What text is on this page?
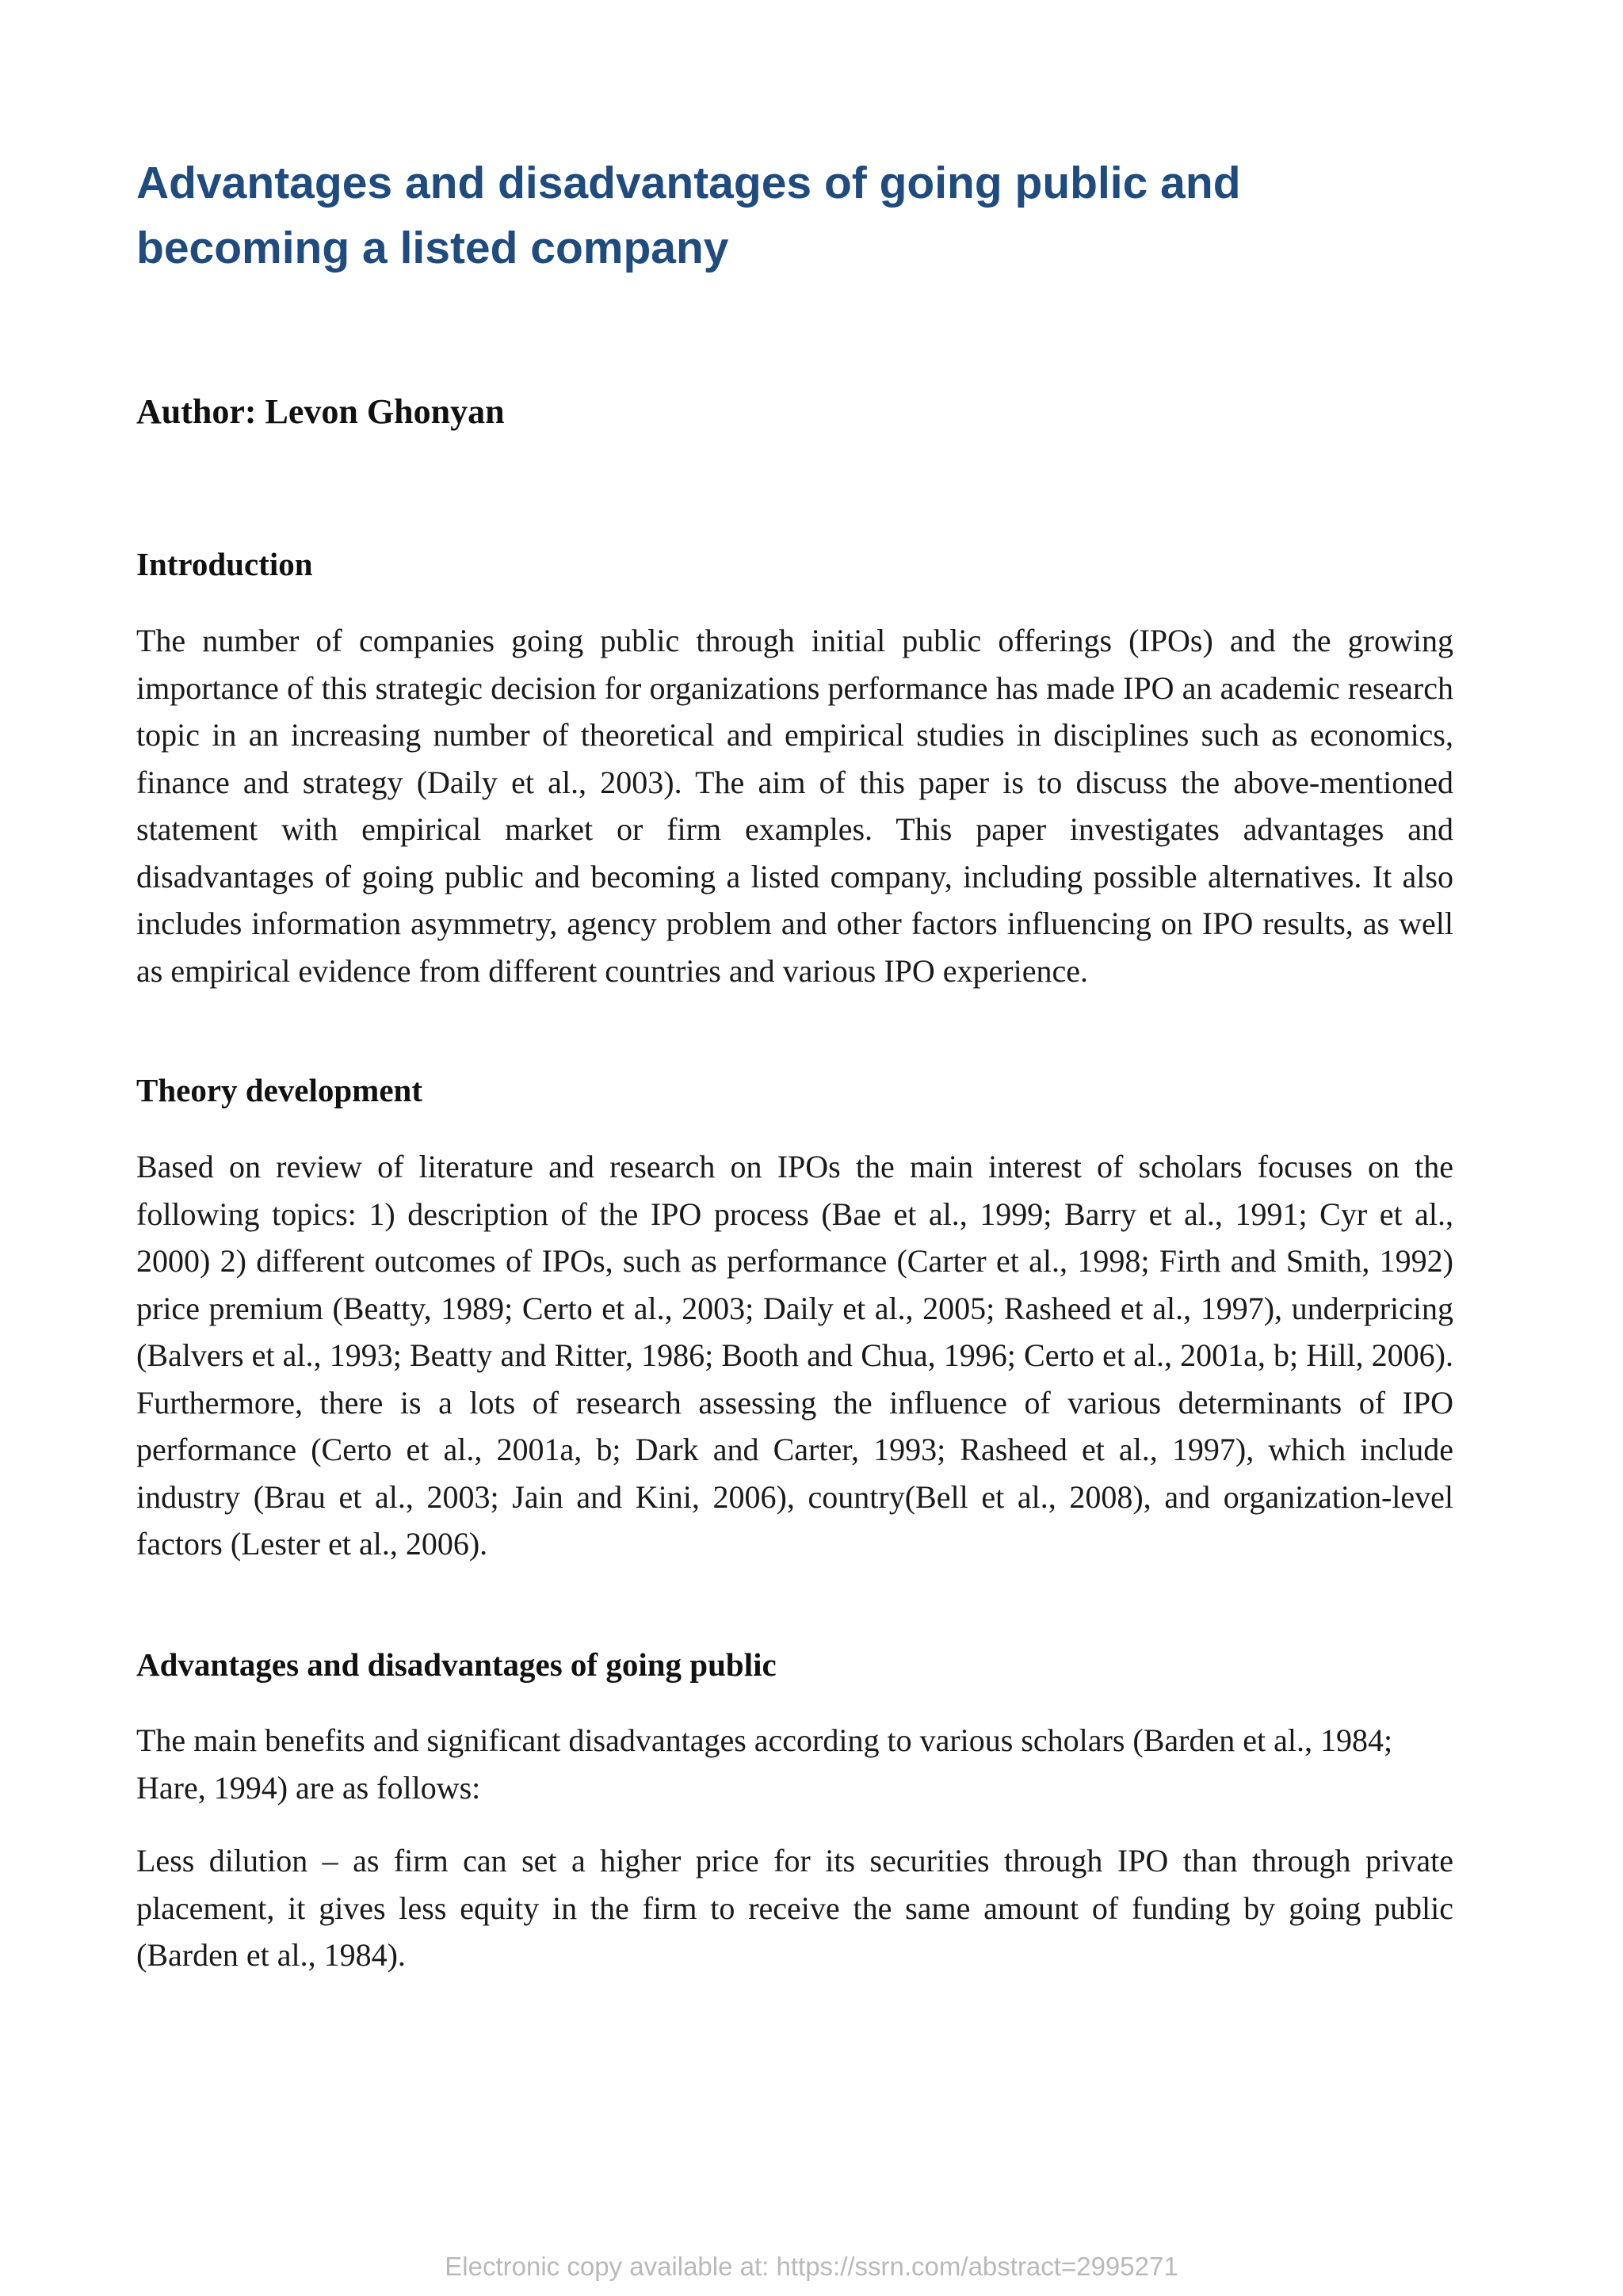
Advantages and disadvantages of going public and becoming a listed company

Author: Levon Ghonyan

Introduction

The number of companies going public through initial public offerings (IPOs) and the growing importance of this strategic decision for organizations performance has made IPO an academic research topic in an increasing number of theoretical and empirical studies in disciplines such as economics, finance and strategy (Daily et al., 2003). The aim of this paper is to discuss the above-mentioned statement with empirical market or firm examples. This paper investigates advantages and disadvantages of going public and becoming a listed company, including possible alternatives. It also includes information asymmetry, agency problem and other factors influencing on IPO results, as well as empirical evidence from different countries and various IPO experience.

Theory development

Based on review of literature and research on IPOs the main interest of scholars focuses on the following topics: 1) description of the IPO process (Bae et al., 1999; Barry et al., 1991; Cyr et al., 2000) 2) different outcomes of IPOs, such as performance (Carter et al., 1998; Firth and Smith, 1992) price premium (Beatty, 1989; Certo et al., 2003; Daily et al., 2005; Rasheed et al., 1997), underpricing (Balvers et al., 1993; Beatty and Ritter, 1986; Booth and Chua, 1996; Certo et al., 2001a, b; Hill, 2006). Furthermore, there is a lots of research assessing the influence of various determinants of IPO performance (Certo et al., 2001a, b; Dark and Carter, 1993; Rasheed et al., 1997), which include industry (Brau et al., 2003; Jain and Kini, 2006), country(Bell et al., 2008), and organization-level factors (Lester et al., 2006).

Advantages and disadvantages of going public

The main benefits and significant disadvantages according to various scholars (Barden et al., 1984; Hare, 1994) are as follows:

Less dilution – as firm can set a higher price for its securities through IPO than through private placement, it gives less equity in the firm to receive the same amount of funding by going public (Barden et al., 1984).

Electronic copy available at: https://ssrn.com/abstract=2995271
